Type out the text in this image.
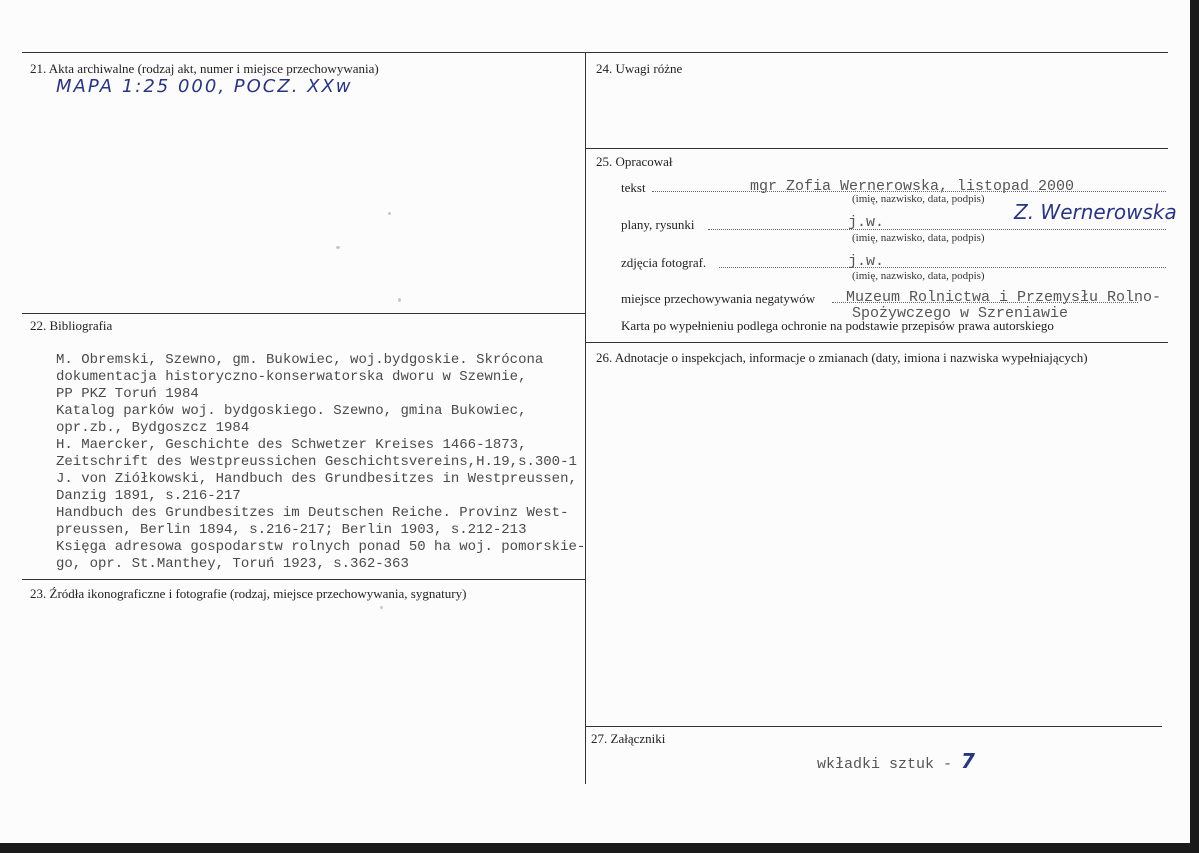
21. Akta archiwalne (rodzaj akt, numer i miejsce przechowywania)
MAPA 1:25 000, POCZ. XXw
22. Bibliografia
M. Obremski, Szewno, gm. Bukowiec, woj.bydgoskie. Skrócona
dokumentacja historyczno-konserwatorska dworu w Szewnie,
PP PKZ Toruń 1984
Katalog parków woj. bydgoskiego. Szewno, gmina Bukowiec,
opr.zb., Bydgoszcz 1984
H. Maercker, Geschichte des Schwetzer Kreises 1466-1873,
Zeitschrift des Westpreussichen Geschichtsvereins,H.19,s.300-1
J. von Ziółkowski, Handbuch des Grundbesitzes in Westpreussen,
Danzig 1891, s.216-217
Handbuch des Grundbesitzes im Deutschen Reiche. Provinz West-
preussen, Berlin 1894, s.216-217; Berlin 1903, s.212-213
Księga adresowa gospodarstw rolnych ponad 50 ha woj. pomorskie-
go, opr. St.Manthey, Toruń 1923, s.362-363
23. Źródła ikonograficzne i fotografie (rodzaj, miejsce przechowywania, sygnatury)
24. Uwagi różne
25. Opracował
tekst	mgr Zofia Wernerowska, listopad 2000
(imię, nazwisko, data, podpis)
plany, rysunki	j.w.	Z. Wernerowska
(imię, nazwisko, data, podpis)
zdjęcia fotograf.	j.w.
(imię, nazwisko, data, podpis)
miejsce przechowywania negatywów Muzeum Rolnictwa i Przemysłu Rolno-
Spożywczego w Szreniawie
Karta po wypełnieniu podlega ochronie na podstawie przepisów prawa autorskiego
26. Adnotacje o inspekcjach, informacje o zmianach (daty, imiona i nazwiska wypełniających)
27. Załączniki
wkładki sztuk - 7
